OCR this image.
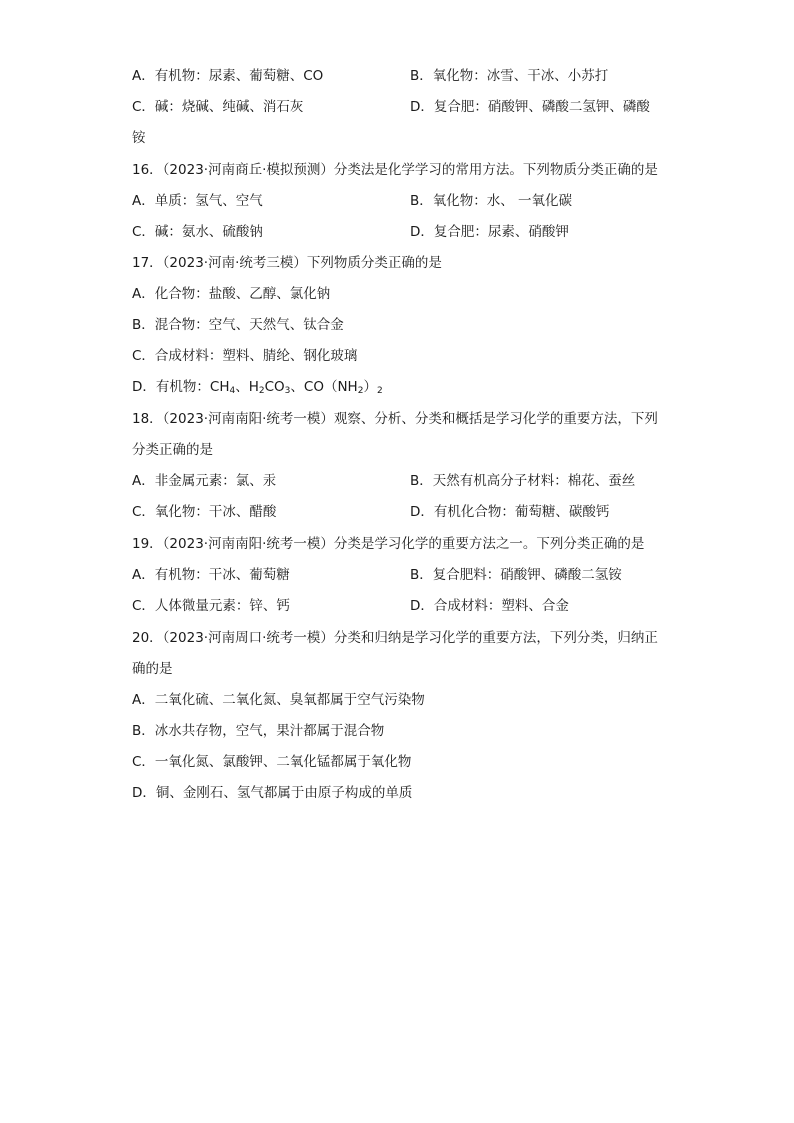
A．有机物：尿素、葡萄糖、CO	B．氧化物：冰雪、干冰、小苏打
C．碱：烧碱、纯碱、消石灰	D．复合肥：硝酸钾、磷酸二氢钾、磷酸
铵
16．（2023·河南商丘·模拟预测）分类法是化学学习的常用方法。下列物质分类正确的是
A．单质：氢气、空气	B．氧化物：水、 一氧化碳
C．碱：氨水、硫酸钠	D．复合肥：尿素、硝酸钾
17．（2023·河南·统考三模）下列物质分类正确的是
A．化合物：盐酸、乙醇、氯化钠
B．混合物：空气、天然气、钛合金
C．合成材料：塑料、腈纶、钢化玻璃
D．有机物：$CH_4$、$H_2CO_3$、$CO(NH_2)_2$
18．（2023·河南南阳·统考一模）观察、分析、分类和概括是学习化学的重要方法，下列
分类正确的是
A．非金属元素：氯、汞	B．天然有机高分子材料：棉花、蚕丝
C．氧化物：干冰、醋酸	D．有机化合物：葡萄糖、碳酸钙
19．（2023·河南南阳·统考一模）分类是学习化学的重要方法之一。下列分类正确的是
A．有机物：干冰、葡萄糖	B．复合肥料：硝酸钾、磷酸二氢铵
C．人体微量元素：锌、钙	D．合成材料：塑料、合金
20．（2023·河南周口·统考一模）分类和归纳是学习化学的重要方法，下列分类，归纳正
确的是
A．二氧化硫、二氧化氮、臭氧都属于空气污染物
B．冰水共存物，空气，果汁都属于混合物
C．一氧化氮、氯酸钾、二氧化锰都属于氧化物
D．铜、金刚石、氢气都属于由原子构成的单质
